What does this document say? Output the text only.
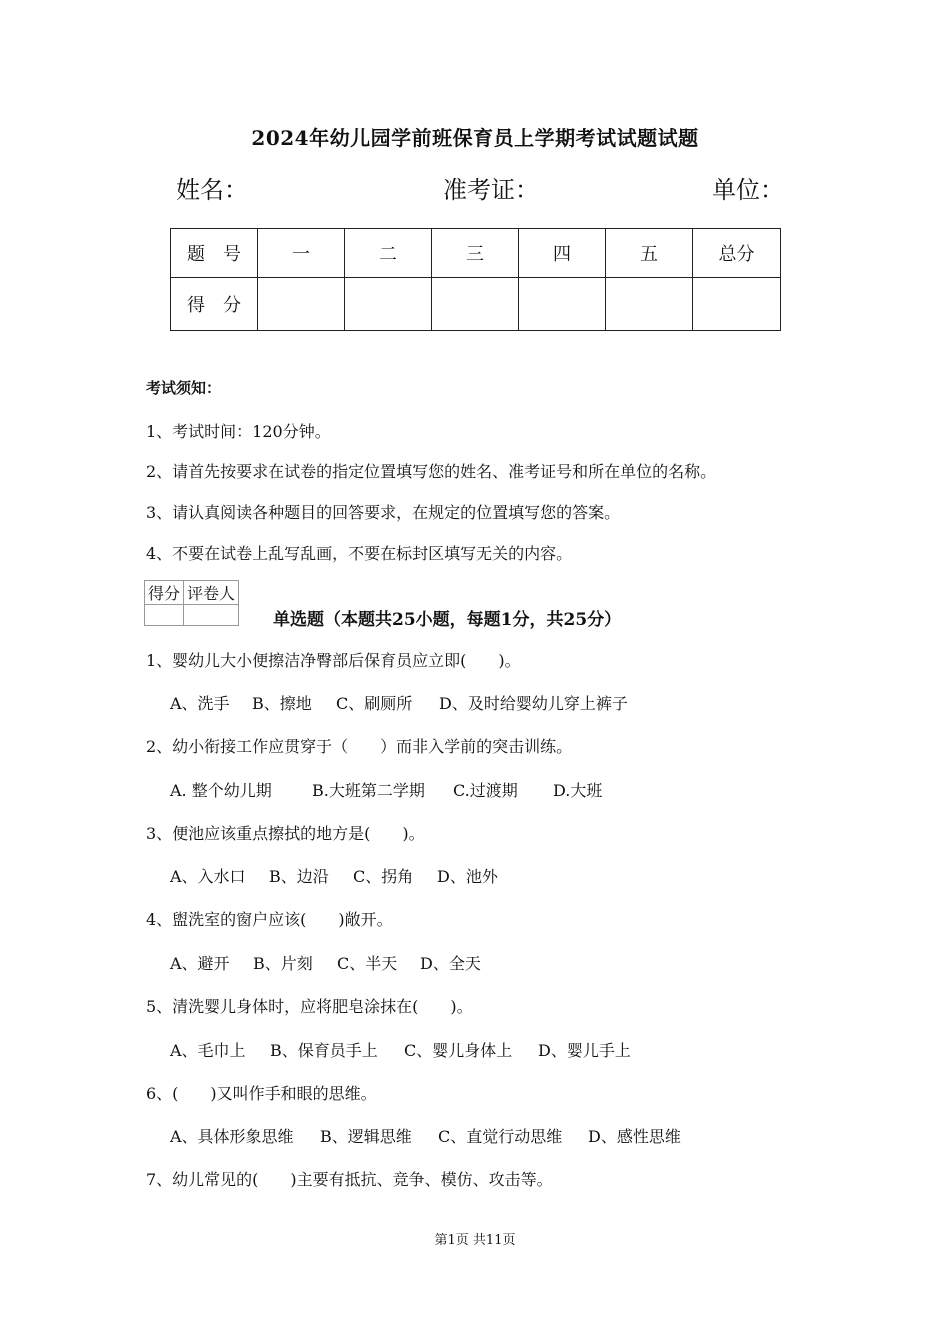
2024年幼儿园学前班保育员上学期考试试题试题
姓名：	准考证：	单位：
题　号	一	二	三	四	五	总分
得　分						
考试须知：
1、考试时间：120分钟。
2、请首先按要求在试卷的指定位置填写您的姓名、准考证号和所在单位的名称。
3、请认真阅读各种题目的回答要求，在规定的位置填写您的答案。
4、不要在试卷上乱写乱画，不要在标封区填写无关的内容。
得分	评卷人

单选题（本题共25小题，每题1分，共25分）
1、婴幼儿大小便擦洁净臀部后保育员应立即(　　)。
A、洗手 B、擦地 C、刷厕所 D、及时给婴幼儿穿上裤子
2、幼小衔接工作应贯穿于（　　）而非入学前的突击训练。
A. 整个幼儿期	B.大班第二学期 C.过渡期 D.大班
3、便池应该重点擦拭的地方是(　　)。
A、入水口 B、边沿 C、拐角 D、池外
4、盥洗室的窗户应该(　　)敞开。
A、避开 B、片刻 C、半天 D、全天
5、清洗婴儿身体时，应将肥皂涂抹在(　　)。
A、毛巾上 B、保育员手上 C、婴儿身体上 D、婴儿手上
6、(　　)又叫作手和眼的思维。
A、具体形象思维 B、逻辑思维 C、直觉行动思维 D、感性思维
7、幼儿常见的(　　)主要有抵抗、竞争、模仿、攻击等。
第1页 共11页
